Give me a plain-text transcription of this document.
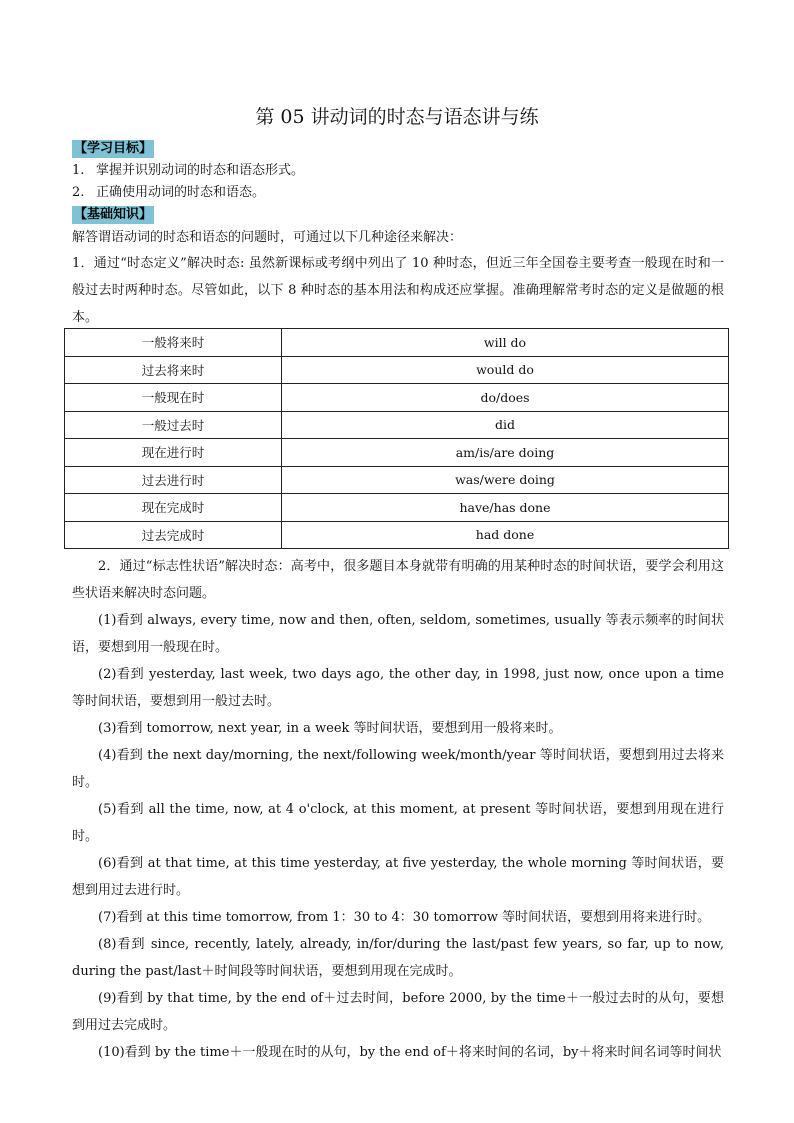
第 05 讲动词的时态与语态讲与练
【学习目标】
1. 掌握并识别动词的时态和语态形式。
2. 正确使用动词的时态和语态。
【基础知识】
解答谓语动词的时态和语态的问题时，可通过以下几种途径来解决：
1．通过“时态定义”解决时态: 虽然新课标或考纲中列出了 10 种时态，但近三年全国卷主要考查一般现在时和一般过去时两种时态。尽管如此，以下 8 种时态的基本用法和构成还应掌握。准确理解常考时态的定义是做题的根本。
一般将来时	will do
过去将来时	would do
一般现在时	do/does
一般过去时	did
现在进行时	am/is/are doing
过去进行时	was/were doing
现在完成时	have/has done
过去完成时	had done
2．通过“标志性状语”解决时态：高考中，很多题目本身就带有明确的用某种时态的时间状语，要学会利用这些状语来解决时态问题。
(1)看到 always, every time, now and then, often, seldom, sometimes, usually 等表示频率的时间状语，要想到用一般现在时。
(2)看到 yesterday, last week, two days ago, the other day, in 1998, just now, once upon a time 等时间状语，要想到用一般过去时。
(3)看到 tomorrow, next year, in a week 等时间状语，要想到用一般将来时。
(4)看到 the next day/morning, the next/following week/month/year 等时间状语，要想到用过去将来时。
(5)看到 all the time, now, at 4 o'clock, at this moment, at present 等时间状语，要想到用现在进行时。
(6)看到 at that time, at this time yesterday, at five yesterday, the whole morning 等时间状语，要想到用过去进行时。
(7)看到 at this time tomorrow, from 1：30 to 4：30 tomorrow 等时间状语，要想到用将来进行时。
(8)看到 since, recently, lately, already, in/for/during the last/past few years, so far, up to now, during the past/last＋时间段等时间状语，要想到用现在完成时。
(9)看到 by that time, by the end of＋过去时间，before 2000, by the time＋一般过去时的从句，要想到用过去完成时。
(10)看到 by the time＋一般现在时的从句，by the end of＋将来时间的名词，by＋将来时间名词等时间状
